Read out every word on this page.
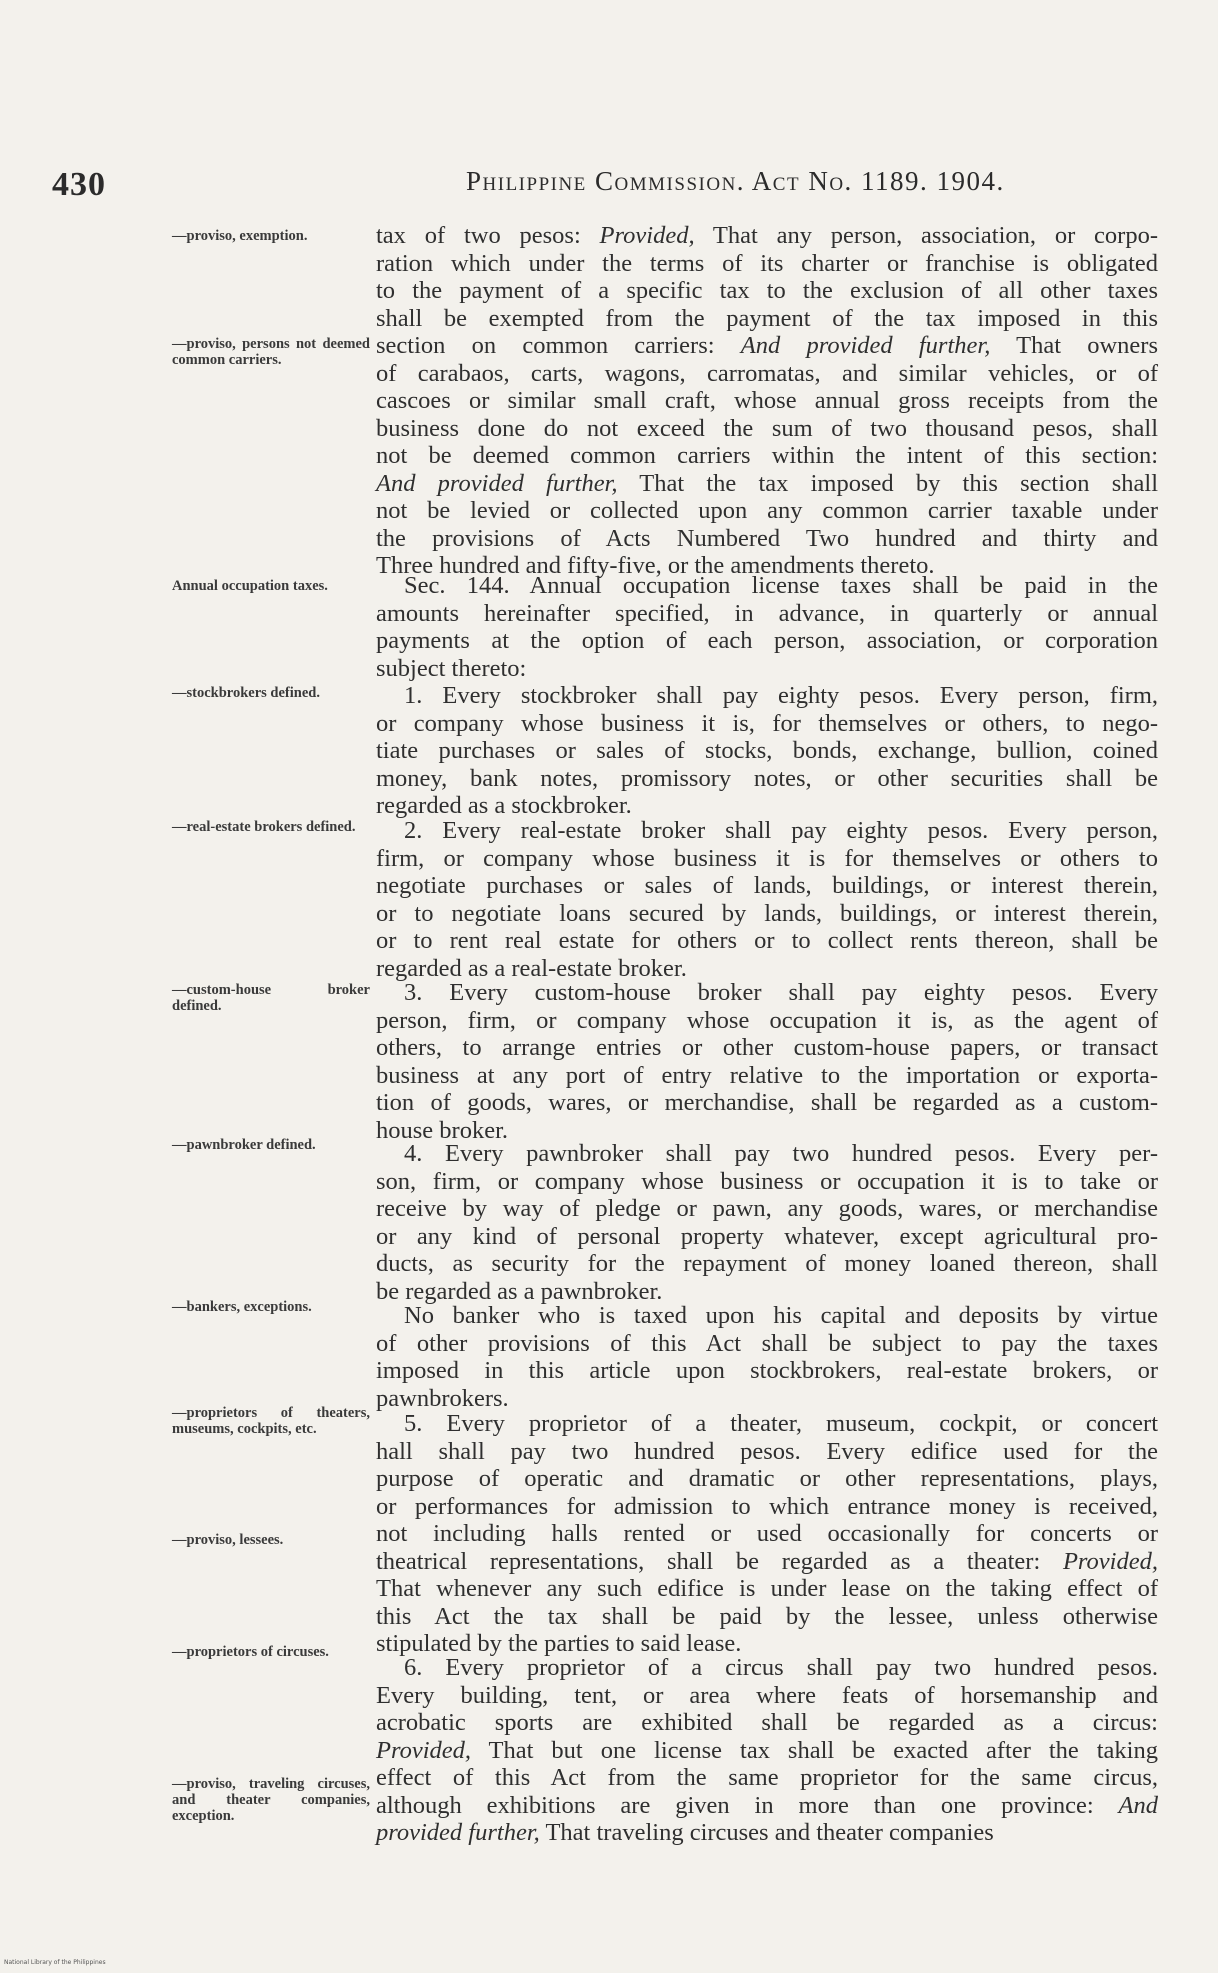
430	Philippine Commission. Act No. 1189. 1904.
—proviso, exemption.
—proviso, persons not deemed common carriers.
Annual occupation taxes.
—stockbrokers defined.
—real-estate brokers defined.
—custom-house broker defined.
—pawnbroker defined.
—bankers, exceptions.
—proprietors of theaters, museums, cockpits, etc.
—proviso, lessees.
—proprietors of circuses.
—proviso, traveling circuses, and theater companies, exception.
tax of two pesos: Provided, That any person, association, or corpo-
ration which under the terms of its charter or franchise is obligated
to the payment of a specific tax to the exclusion of all other taxes
shall be exempted from the payment of the tax imposed in this
section on common carriers: And provided further, That owners
of carabaos, carts, wagons, carromatas, and similar vehicles, or of
cascoes or similar small craft, whose annual gross receipts from the
business done do not exceed the sum of two thousand pesos, shall
not be deemed common carriers within the intent of this section:
And provided further, That the tax imposed by this section shall
not be levied or collected upon any common carrier taxable under
the provisions of Acts Numbered Two hundred and thirty and
Three hundred and fifty-five, or the amendments thereto.
Sec. 144. Annual occupation license taxes shall be paid in the
amounts hereinafter specified, in advance, in quarterly or annual
payments at the option of each person, association, or corporation
subject thereto:
1. Every stockbroker shall pay eighty pesos. Every person, firm,
or company whose business it is, for themselves or others, to nego-
tiate purchases or sales of stocks, bonds, exchange, bullion, coined
money, bank notes, promissory notes, or other securities shall be
regarded as a stockbroker.
2. Every real-estate broker shall pay eighty pesos. Every person,
firm, or company whose business it is for themselves or others to
negotiate purchases or sales of lands, buildings, or interest therein,
or to negotiate loans secured by lands, buildings, or interest therein,
or to rent real estate for others or to collect rents thereon, shall be
regarded as a real-estate broker.
3. Every custom-house broker shall pay eighty pesos. Every
person, firm, or company whose occupation it is, as the agent of
others, to arrange entries or other custom-house papers, or transact
business at any port of entry relative to the importation or exporta-
tion of goods, wares, or merchandise, shall be regarded as a custom-
house broker.
4. Every pawnbroker shall pay two hundred pesos. Every per-
son, firm, or company whose business or occupation it is to take or
receive by way of pledge or pawn, any goods, wares, or merchandise
or any kind of personal property whatever, except agricultural pro-
ducts, as security for the repayment of money loaned thereon, shall
be regarded as a pawnbroker.
No banker who is taxed upon his capital and deposits by virtue
of other provisions of this Act shall be subject to pay the taxes
imposed in this article upon stockbrokers, real-estate brokers, or
pawnbrokers.
5. Every proprietor of a theater, museum, cockpit, or concert
hall shall pay two hundred pesos. Every edifice used for the
purpose of operatic and dramatic or other representations, plays,
or performances for admission to which entrance money is received,
not including halls rented or used occasionally for concerts or
theatrical representations, shall be regarded as a theater: Provided,
That whenever any such edifice is under lease on the taking effect of
this Act the tax shall be paid by the lessee, unless otherwise
stipulated by the parties to said lease.
6. Every proprietor of a circus shall pay two hundred pesos.
Every building, tent, or area where feats of horsemanship and
acrobatic sports are exhibited shall be regarded as a circus:
Provided, That but one license tax shall be exacted after the taking
effect of this Act from the same proprietor for the same circus,
although exhibitions are given in more than one province: And
provided further, That traveling circuses and theater companies
National Library of the Philippines
